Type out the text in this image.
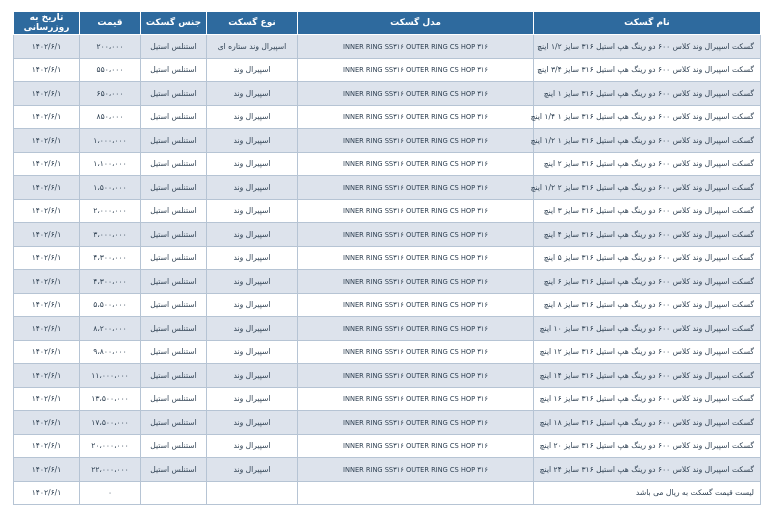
نام گسکت	مدل گسکت	نوع گسکت	جنس گسکت	قیمت	تاریخ به روزرسانی
گسکت اسپیرال وند کلاس ۶۰۰ دو رینگ هپ استیل ۳۱۶ سایز ۱/۲ اینچ	INNER RING SS۳۱۶ OUTER RING CS HOP ۳۱۶	اسپیرال وند ستاره ای	استنلس استیل	۲۰۰،۰۰۰	۱۴۰۲/۶/۱
گسکت اسپیرال وند کلاس ۶۰۰ دو رینگ هپ استیل ۳۱۶ سایز ۳/۴ اینچ	INNER RING SS۳۱۶ OUTER RING CS HOP ۳۱۶	اسپیرال وند	استنلس استیل	۵۵۰،۰۰۰	۱۴۰۲/۶/۱
گسکت اسپیرال وند کلاس ۶۰۰ دو رینگ هپ استیل ۳۱۶ سایز ۱ اینچ	INNER RING SS۳۱۶ OUTER RING CS HOP ۳۱۶	اسپیرال وند	استنلس استیل	۶۵۰،۰۰۰	۱۴۰۲/۶/۱
گسکت اسپیرال وند کلاس ۶۰۰ دو رینگ هپ استیل ۳۱۶ سایز ۱ ۱/۴ اینچ	INNER RING SS۳۱۶ OUTER RING CS HOP ۳۱۶	اسپیرال وند	استنلس استیل	۸۵۰،۰۰۰	۱۴۰۲/۶/۱
گسکت اسپیرال وند کلاس ۶۰۰ دو رینگ هپ استیل ۳۱۶ سایز ۱ ۱/۲ اینچ	INNER RING SS۳۱۶ OUTER RING CS HOP ۳۱۶	اسپیرال وند	استنلس استیل	۱،۰۰۰،۰۰۰	۱۴۰۲/۶/۱
گسکت اسپیرال وند کلاس ۶۰۰ دو رینگ هپ استیل ۳۱۶ سایز ۲ اینچ	INNER RING SS۳۱۶ OUTER RING CS HOP ۳۱۶	اسپیرال وند	استنلس استیل	۱،۱۰۰،۰۰۰	۱۴۰۲/۶/۱
گسکت اسپیرال وند کلاس ۶۰۰ دو رینگ هپ استیل ۳۱۶ سایز ۲ ۱/۲ اینچ	INNER RING SS۳۱۶ OUTER RING CS HOP ۳۱۶	اسپیرال وند	استنلس استیل	۱،۵۰۰،۰۰۰	۱۴۰۲/۶/۱
گسکت اسپیرال وند کلاس ۶۰۰ دو رینگ هپ استیل ۳۱۶ سایز ۳ اینچ	INNER RING SS۳۱۶ OUTER RING CS HOP ۳۱۶	اسپیرال وند	استنلس استیل	۲،۰۰۰،۰۰۰	۱۴۰۲/۶/۱
گسکت اسپیرال وند کلاس ۶۰۰ دو رینگ هپ استیل ۳۱۶ سایز ۴ اینچ	INNER RING SS۳۱۶ OUTER RING CS HOP ۳۱۶	اسپیرال وند	استنلس استیل	۳،۰۰۰،۰۰۰	۱۴۰۲/۶/۱
گسکت اسپیرال وند کلاس ۶۰۰ دو رینگ هپ استیل ۳۱۶ سایز ۵ اینچ	INNER RING SS۳۱۶ OUTER RING CS HOP ۳۱۶	اسپیرال وند	استنلس استیل	۴،۳۰۰،۰۰۰	۱۴۰۲/۶/۱
گسکت اسپیرال وند کلاس ۶۰۰ دو رینگ هپ استیل ۳۱۶ سایز ۶ اینچ	INNER RING SS۳۱۶ OUTER RING CS HOP ۳۱۶	اسپیرال وند	استنلس استیل	۴،۳۰۰،۰۰۰	۱۴۰۲/۶/۱
گسکت اسپیرال وند کلاس ۶۰۰ دو رینگ هپ استیل ۳۱۶ سایز ۸ اینچ	INNER RING SS۳۱۶ OUTER RING CS HOP ۳۱۶	اسپیرال وند	استنلس استیل	۵،۵۰۰،۰۰۰	۱۴۰۲/۶/۱
گسکت اسپیرال وند کلاس ۶۰۰ دو رینگ هپ استیل ۳۱۶ سایز ۱۰ اینچ	INNER RING SS۳۱۶ OUTER RING CS HOP ۳۱۶	اسپیرال وند	استنلس استیل	۸،۲۰۰،۰۰۰	۱۴۰۲/۶/۱
گسکت اسپیرال وند کلاس ۶۰۰ دو رینگ هپ استیل ۳۱۶ سایز ۱۲ اینچ	INNER RING SS۳۱۶ OUTER RING CS HOP ۳۱۶	اسپیرال وند	استنلس استیل	۹،۸۰۰،۰۰۰	۱۴۰۲/۶/۱
گسکت اسپیرال وند کلاس ۶۰۰ دو رینگ هپ استیل ۳۱۶ سایز ۱۴ اینچ	INNER RING SS۳۱۶ OUTER RING CS HOP ۳۱۶	اسپیرال وند	استنلس استیل	۱۱،۰۰۰،۰۰۰	۱۴۰۲/۶/۱
گسکت اسپیرال وند کلاس ۶۰۰ دو رینگ هپ استیل ۳۱۶ سایز ۱۶ اینچ	INNER RING SS۳۱۶ OUTER RING CS HOP ۳۱۶	اسپیرال وند	استنلس استیل	۱۳،۵۰۰،۰۰۰	۱۴۰۲/۶/۱
گسکت اسپیرال وند کلاس ۶۰۰ دو رینگ هپ استیل ۳۱۶ سایز ۱۸ اینچ	INNER RING SS۳۱۶ OUTER RING CS HOP ۳۱۶	اسپیرال وند	استنلس استیل	۱۷،۵۰۰،۰۰۰	۱۴۰۲/۶/۱
گسکت اسپیرال وند کلاس ۶۰۰ دو رینگ هپ استیل ۳۱۶ سایز ۲۰ اینچ	INNER RING SS۳۱۶ OUTER RING CS HOP ۳۱۶	اسپیرال وند	استنلس استیل	۲۰،۰۰۰،۰۰۰	۱۴۰۲/۶/۱
گسکت اسپیرال وند کلاس ۶۰۰ دو رینگ هپ استیل ۳۱۶ سایز ۲۴ اینچ	INNER RING SS۳۱۶ OUTER RING CS HOP ۳۱۶	اسپیرال وند	استنلس استیل	۲۲،۰۰۰،۰۰۰	۱۴۰۲/۶/۱
لیست قیمت گسکت به ریال می باشد				۰	۱۴۰۲/۶/۱
